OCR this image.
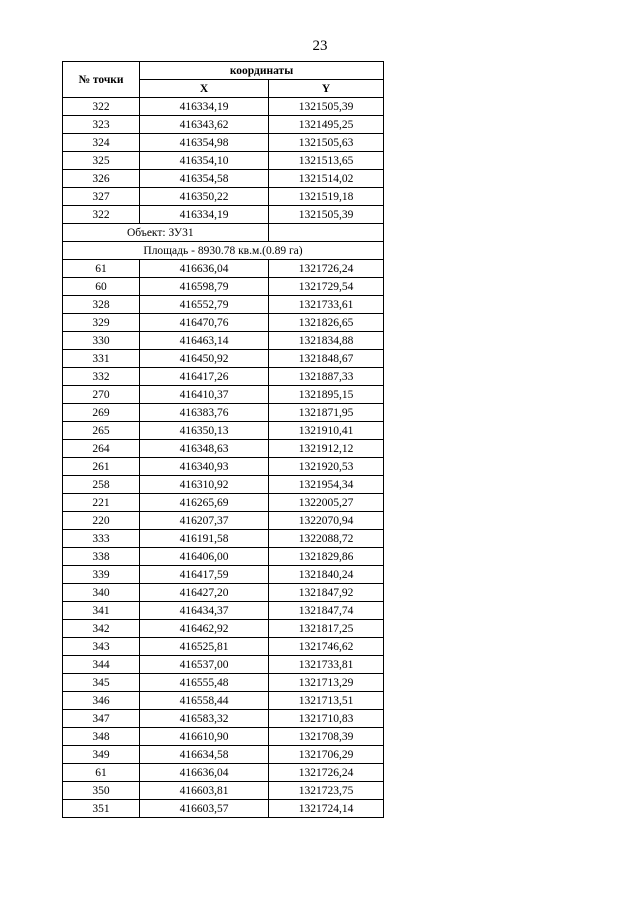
23
№ точки	координаты	
	X	Y
322	416334,19	1321505,39
323	416343,62	1321495,25
324	416354,98	1321505,63
325	416354,10	1321513,65
326	416354,58	1321514,02
327	416350,22	1321519,18
322	416334,19	1321505,39
Объект: ЗУ31		
Площадь - 8930.78 кв.м.(0.89 га)		
61	416636,04	1321726,24
60	416598,79	1321729,54
328	416552,79	1321733,61
329	416470,76	1321826,65
330	416463,14	1321834,88
331	416450,92	1321848,67
332	416417,26	1321887,33
270	416410,37	1321895,15
269	416383,76	1321871,95
265	416350,13	1321910,41
264	416348,63	1321912,12
261	416340,93	1321920,53
258	416310,92	1321954,34
221	416265,69	1322005,27
220	416207,37	1322070,94
333	416191,58	1322088,72
338	416406,00	1321829,86
339	416417,59	1321840,24
340	416427,20	1321847,92
341	416434,37	1321847,74
342	416462,92	1321817,25
343	416525,81	1321746,62
344	416537,00	1321733,81
345	416555,48	1321713,29
346	416558,44	1321713,51
347	416583,32	1321710,83
348	416610,90	1321708,39
349	416634,58	1321706,29
61	416636,04	1321726,24
350	416603,81	1321723,75
351	416603,57	1321724,14
